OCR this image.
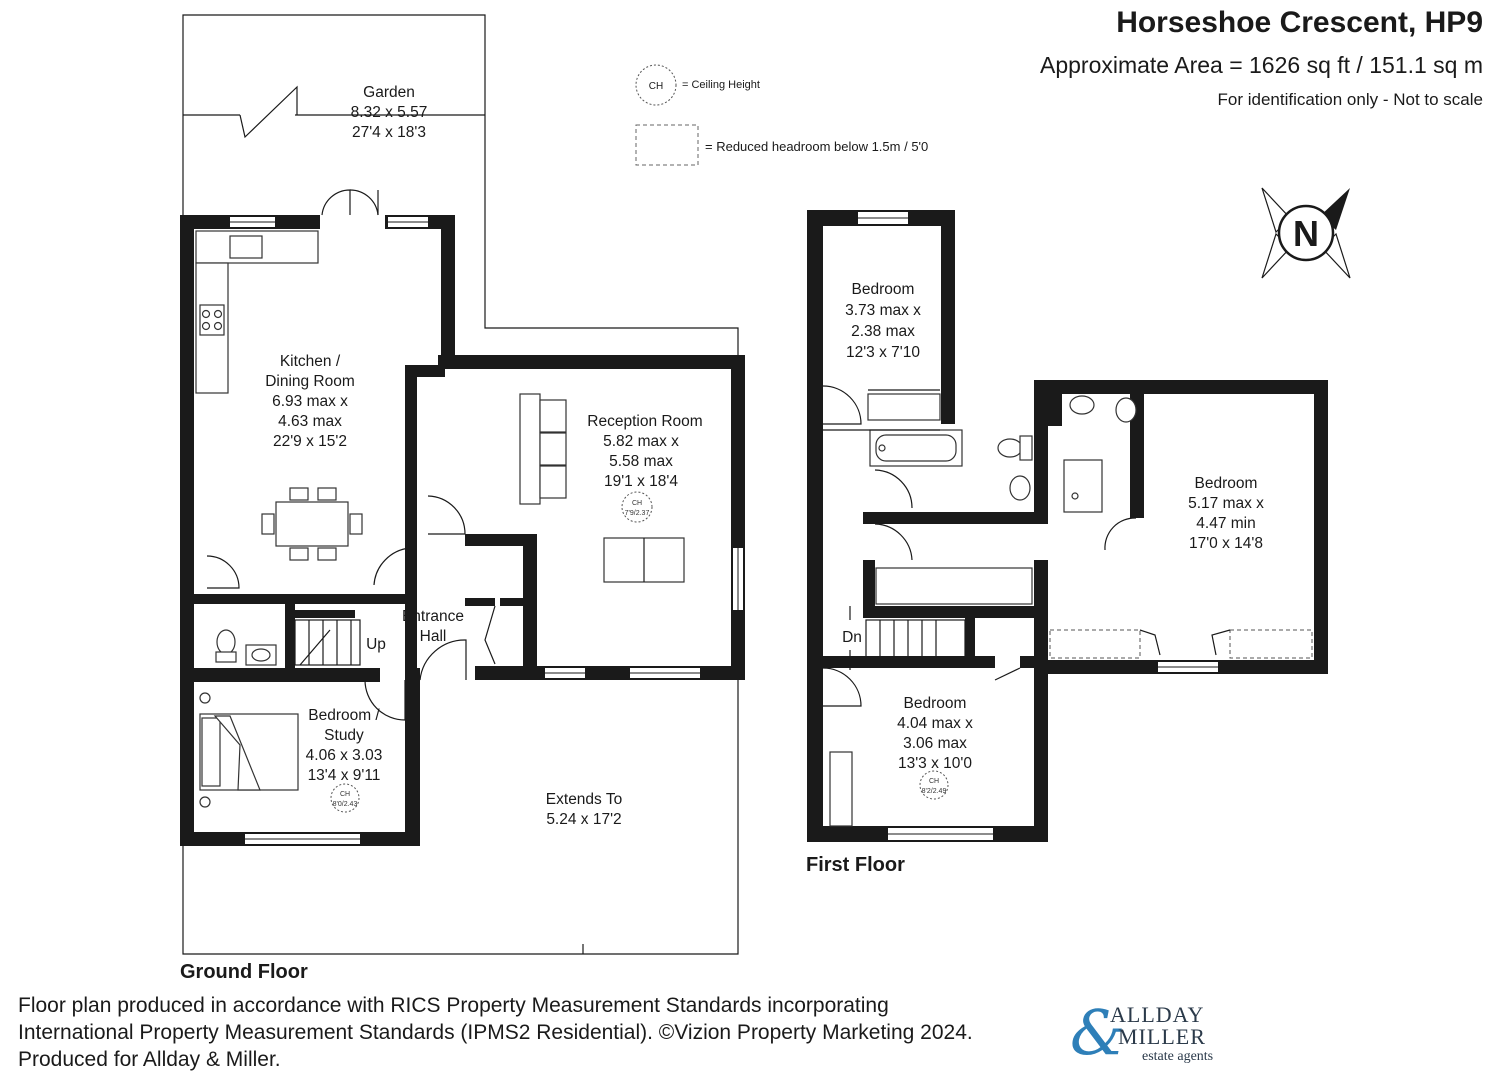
Horseshoe Crescent, HP9
Approximate Area = 1626 sq ft / 151.1 sq m
For identification only - Not to scale
= Ceiling Height
= Reduced headroom below 1.5m / 5'0
CH
N
CH
7'9/2.37
CH
8'0/2.43
Garden
8.32 x 5.57
27'4 x 18'3
Kitchen /
Dining Room
6.93 max x
4.63 max
22'9 x 15'2
Reception Room
5.82 max x
5.58 max
19'1 x 18'4
Entrance
Hall
Up
Bedroom /
Study
4.06 x 3.03
13'4 x 9'11
Extends To
5.24 x 17'2
CH
8'2/2.49
Bedroom
3.73 max x
2.38 max
12'3 x 7'10
Bedroom
5.17 max x
4.47 min
17'0 x 14'8
Bedroom
4.04 max x
3.06 max
13'3 x 10'0
Dn
Ground Floor
First Floor
Floor plan produced in accordance with RICS Property Measurement Standards incorporating
International Property Measurement Standards (IPMS2 Residential). ©Vizion Property Marketing 2024.
Produced for Allday & Miller.	&
ALLDAY
MILLER
estate agents
